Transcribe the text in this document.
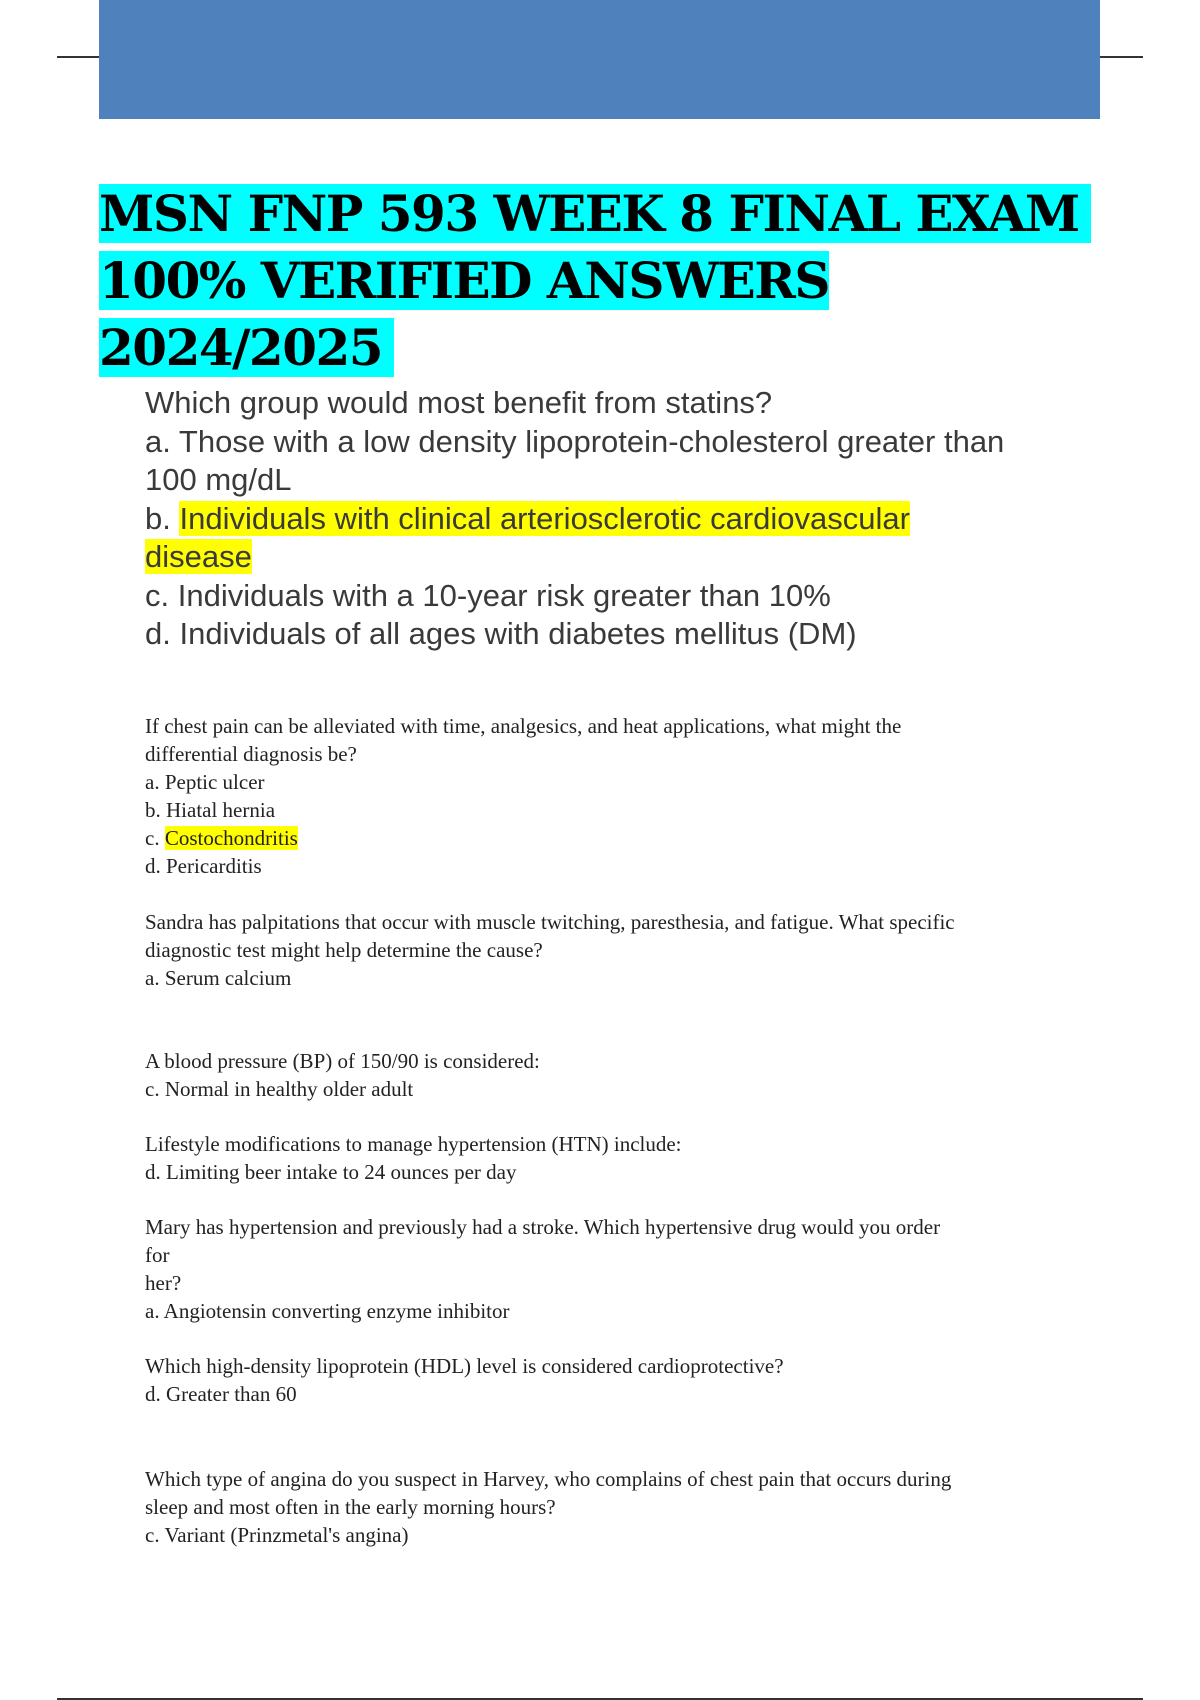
MSN FNP 593 WEEK 8 FINAL EXAM
100% VERIFIED ANSWERS 2024/2025
Which group would most benefit from statins?
a. Those with a low density lipoprotein-cholesterol greater than
100 mg/dL
b. Individuals with clinical arteriosclerotic cardiovascular
disease
c. Individuals with a 10-year risk greater than 10%
d. Individuals of all ages with diabetes mellitus (DM)
If chest pain can be alleviated with time, analgesics, and heat applications, what might the
differential diagnosis be?
a. Peptic ulcer
b. Hiatal hernia
c. Costochondritis
d. Pericarditis
Sandra has palpitations that occur with muscle twitching, paresthesia, and fatigue. What specific
diagnostic test might help determine the cause?
a. Serum calcium
A blood pressure (BP) of 150/90 is considered:
c. Normal in healthy older adult
Lifestyle modifications to manage hypertension (HTN) include:
d. Limiting beer intake to 24 ounces per day
Mary has hypertension and previously had a stroke. Which hypertensive drug would you order
for
her?
a. Angiotensin converting enzyme inhibitor
Which high-density lipoprotein (HDL) level is considered cardioprotective?
d. Greater than 60
Which type of angina do you suspect in Harvey, who complains of chest pain that occurs during
sleep and most often in the early morning hours?
c. Variant (Prinzmetal's angina)
